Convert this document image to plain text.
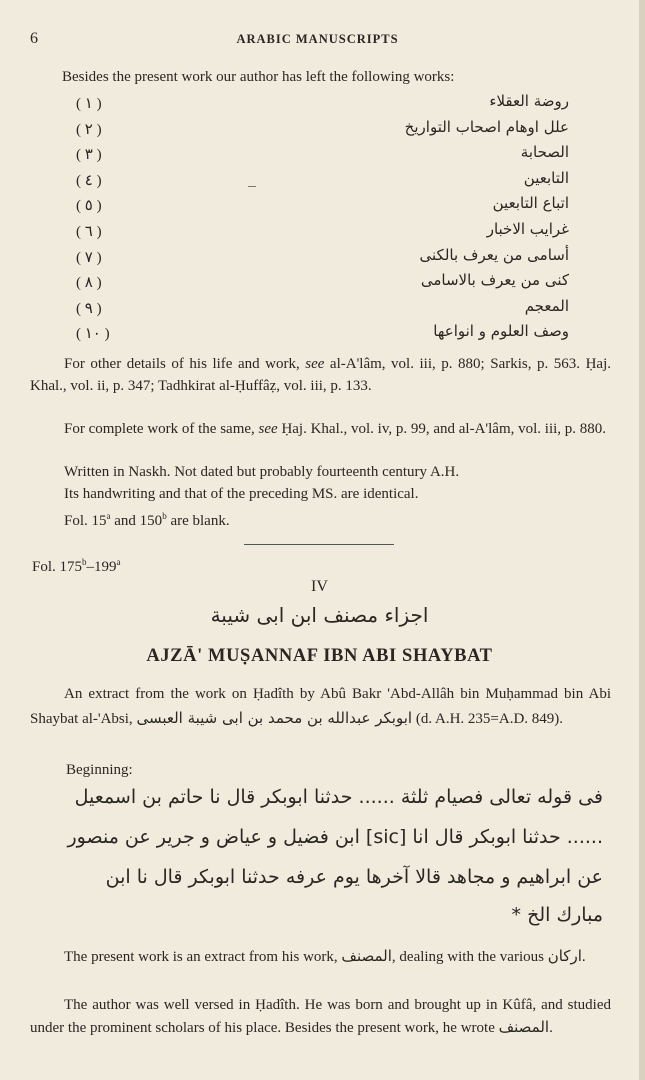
6	ARABIC MANUSCRIPTS
Besides the present work our author has left the following works:
( ١ )	روضة العقلاء
( ٢ )	علل اوهام اصحاب التواريخ
( ٣ )	الصحابة
( ٤ )	التابعين
( ٥ )	اتباع التابعين
( ٦ )	غرايب الاخبار
( ٧ )	أسامى من يعرف بالكنى
( ٨ )	كنى من يعرف بالاسامى
( ٩ )	المعجم
( ١٠ )	وصف العلوم و انواعها
For other details of his life and work, see al-A'lâm, vol. iii, p. 880; Sarkis, p. 563. Ḥaj. Khal., vol. ii, p. 347; Tadhkirat al-Ḥuffâẓ, vol. iii, p. 133.
For complete work of the same, see Ḥaj. Khal., vol. iv, p. 99, and al-A'lâm, vol. iii, p. 880.
Written in Naskh. Not dated but probably fourteenth century A.H.
Its handwriting and that of the preceding MS. are identical.
Fol. 15$^a$ and 150$^b$ are blank.
Fol. 175$^b$–199$^a$
IV
اجزاء مصنف ابن ابى شيبة
AJZĀ' MUṢANNAF IBN ABI SHAYBAT
An extract from the work on Ḥadîth by Abû Bakr 'Abd-Allâh bin Muḥammad bin Abi Shaybat al-'Absi, ابوبكر عبدالله بن محمد بن ابى شيبة العبسى (d. A.H. 235=A.D. 849).
Beginning:
فى قوله تعالى فصيام ثلثة ...... حدثنا ابوبكر قال نا حاتم بن اسمعيل
...... حدثنا ابوبكر قال انا [sic] ابن فضيل و عياض و جرير عن منصور
عن ابراهيم و مجاهد قالا آخرها يوم عرفه حدثنا ابوبكر قال نا ابن
مبارك الخ *
The present work is an extract from his work, المصنف, dealing with the various اركان.
The author was well versed in Ḥadîth. He was born and brought up in Kûfâ, and studied under the prominent scholars of his place. Besides the present work, he wrote المصنف.
